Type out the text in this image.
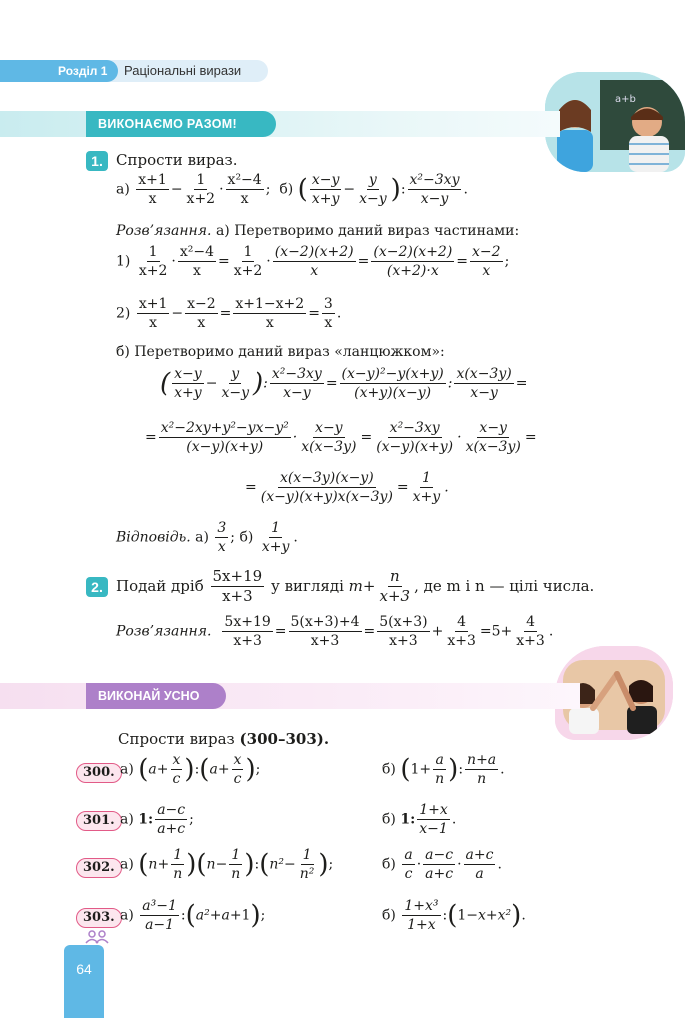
Розділ 1	Раціональні вирази
a+b
ВИКОНАЄМО РАЗОМ!
1. Спрости вираз.
$а) \frac{x+1}{x} - \frac{1}{x+2} \cdot \frac{\text{x²−4}}{x}$ ;  б) ( $\frac{x-y}{x+y} - \frac{y}{x-y}$ ): $\frac{\text{x²−3xy}}{x-y}$ .
Розв’язання. а) Перетворимо даний вираз частинами:
$1) \frac{1}{x+2} \cdot \frac{\text{x²−4}}{x} = \frac{1}{x+2} \cdot \frac{(x-2)(x+2)}{x} = \frac{(x-2)(x+2)}{(x+2)\cdot x} = \frac{x-2}{x}$ ;
$2) \frac{x+1}{x} - \frac{x-2}{x} = \frac{x+1-x+2}{x} = \frac{3}{x}$ .
б) Перетворимо даний вираз «ланцюжком»:
( $\frac{x-y}{x+y} - \frac{y}{x-y}$ ): $\frac{\text{x²−3xy}}{x-y} = \frac{\text{(x−y)²−y(x+y)}}{(x+y)(x-y)}$ : $\frac{x(x-3y)}{x-y}$ =
= $\frac{\text{x²−2xy+y²−yx−y²}}{(x-y)(x+y)} \cdot \frac{x-y}{x(x-3y)} = \frac{\text{x²−3xy}}{(x-y)(x+y)} \cdot \frac{x-y}{x(x-3y)}$ =
= $\frac{x(x-3y)(x-y)}{(x-y)(x+y)x(x-3y)} = \frac{1}{x+y}$ .
Відповідь. $а) \frac{3}{x}$ ; $б) \frac{1}{x+y}$ .
2. Подай дріб $\frac{5x+19}{x+3}$ у вигляді $m+ \frac{n}{x+3}$ , де m і n — цілі числа.
Розв’язання. $\frac{5x+19}{x+3} = \frac{5(x+3)+4}{x+3} = \frac{5(x+3)}{x+3} + \frac{4}{x+3} =5+ \frac{4}{x+3}$ .
ВИКОНАЙ УСНО
Спрости вираз (300–303).
300. а) ($a+ \frac{x}{c}$ ):(a+ $\frac{x}{c}$ );	б) ($1+ \frac{a}{n}$ ): $\frac{n+a}{n}$ .
301. а) 1: $\frac{a-c}{a+c}$ ;	б) 1: $\frac{1+x}{x-1}$ .
302. а) $(n+ \frac{1}{n} )(n- \frac{1}{n}$ ):(n²− $\frac{1}{\text{n²}}$ );	$б) \frac{a}{c} \cdot \frac{a-c}{a+c} \cdot \frac{a+c}{a}$ .
303. $а) \frac{\text{a³−1}}{a-1}$ :(a²+a+1);	$б) \frac{\text{1+x³}}{1+x}$ :(1−x+x²).
64
